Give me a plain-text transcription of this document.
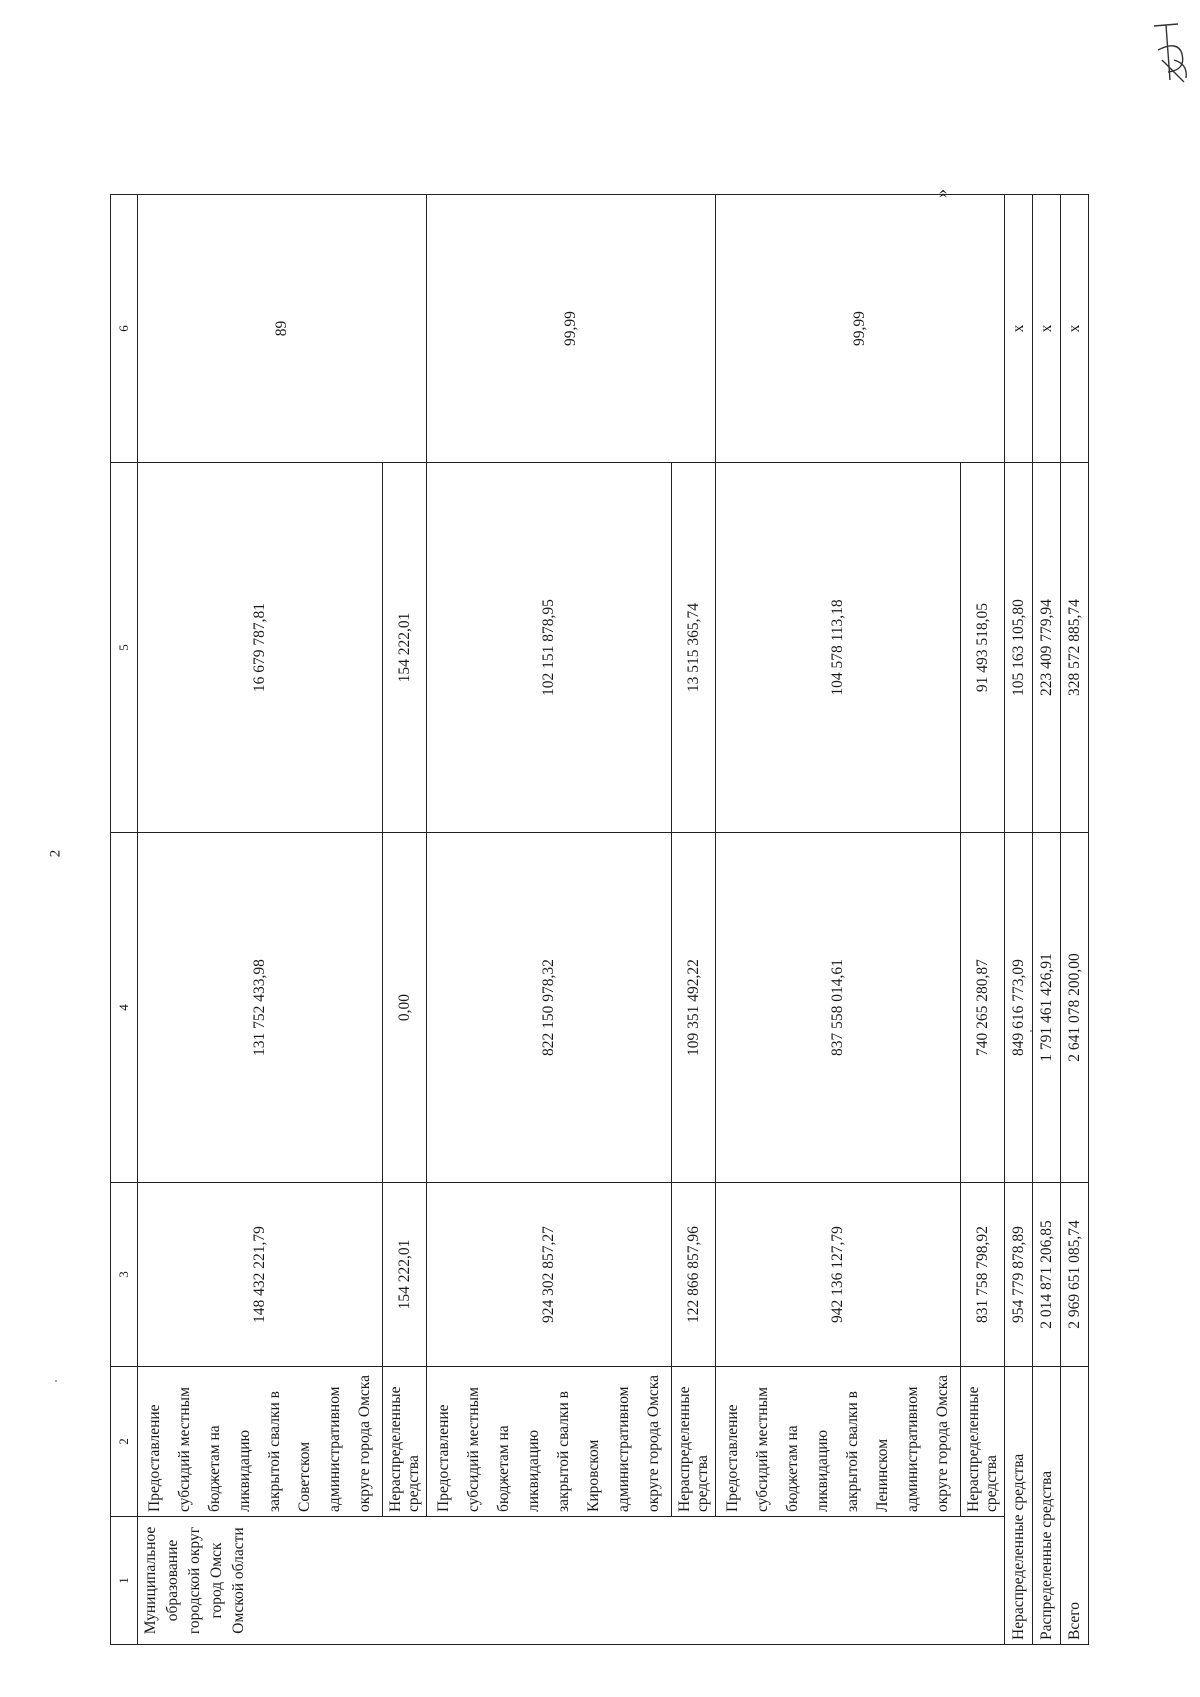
2
»
1	2	3	4	5	6
Муниципальное образование городской округ город Омск Омской области	Предоставление субсидий местным бюджетам на ликвидацию закрытой свалки в Советском административном округе города Омска	148 432 221,79	131 752 433,98	16 679 787,81	89
	Нераспределенные средства	154 222,01	0,00	154 222,01	
	Предоставление субсидий местным бюджетам на ликвидацию закрытой свалки в Кировском административном округе города Омска	924 302 857,27	822 150 978,32	102 151 878,95	99,99
	Нераспределенные средства	122 866 857,96	109 351 492,22	13 515 365,74	
	Предоставление субсидий местным бюджетам на ликвидацию закрытой свалки в Ленинском административном округе города Омска	942 136 127,79	837 558 014,61	104 578 113,18	99,99
	Нераспределенные средства	831 758 798,92	740 265 280,87	91 493 518,05	
Нераспределенные средства		954 779 878,89	849 616 773,09	105 163 105,80	x
Распределенные средства		2 014 871 206,85	1 791 461 426,91	223 409 779,94	x
Всего		2 969 651 085,74	2 641 078 200,00	328 572 885,74	x
